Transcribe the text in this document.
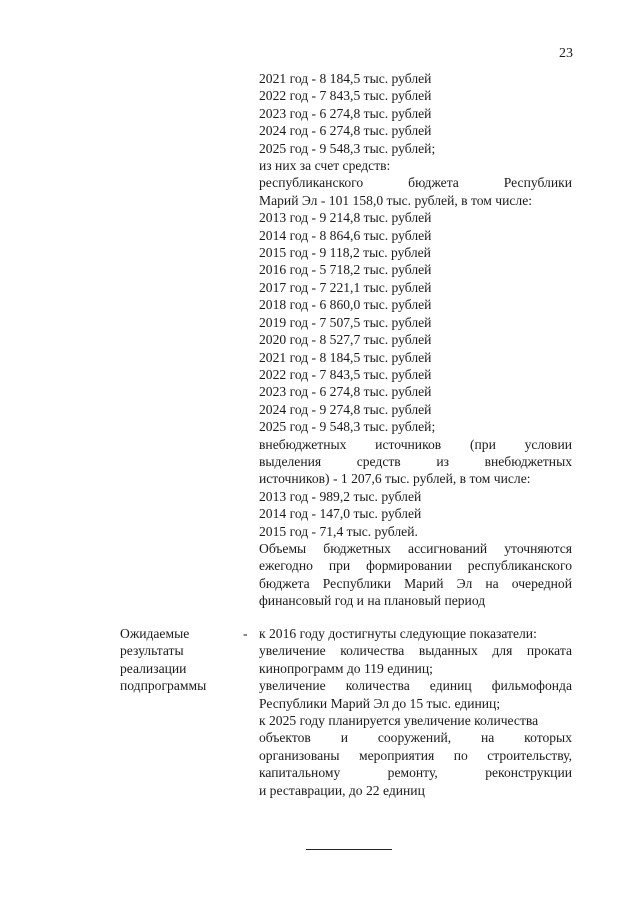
23
2021 год - 8 184,5 тыс. рублей
2022 год - 7 843,5 тыс. рублей
2023 год - 6 274,8 тыс. рублей
2024 год - 6 274,8 тыс. рублей
2025 год - 9 548,3 тыс. рублей;
из них за счет средств:
республиканского бюджета Республики
Марий Эл - 101 158,0 тыс. рублей, в том числе:
2013 год - 9 214,8 тыс. рублей
2014 год - 8 864,6 тыс. рублей
2015 год - 9 118,2 тыс. рублей
2016 год - 5 718,2 тыс. рублей
2017 год - 7 221,1 тыс. рублей
2018 год - 6 860,0 тыс. рублей
2019 год - 7 507,5 тыс. рублей
2020 год - 8 527,7 тыс. рублей
2021 год - 8 184,5 тыс. рублей
2022 год - 7 843,5 тыс. рублей
2023 год - 6 274,8 тыс. рублей
2024 год - 9 274,8 тыс. рублей
2025 год - 9 548,3 тыс. рублей;
внебюджетных источников (при условии
выделения средств из внебюджетных
источников) - 1 207,6 тыс. рублей, в том числе:
2013 год - 989,2 тыс. рублей
2014 год - 147,0 тыс. рублей
2015 год - 71,4 тыс. рублей.
Объемы бюджетных ассигнований уточняются
ежегодно при формировании республиканского
бюджета Республики Марий Эл на очередной
финансовый год и на плановый период
Ожидаемые
результаты
реализации
подпрограммы
- к 2016 году достигнуты следующие показатели:
увеличение количества выданных для проката
кинопрограмм до 119 единиц;
увеличение количества единиц фильмофонда
Республики Марий Эл до 15 тыс. единиц;
к 2025 году планируется увеличение количества
объектов и сооружений, на которых
организованы мероприятия по строительству,
капитальному ремонту, реконструкции
и реставрации, до 22 единиц
